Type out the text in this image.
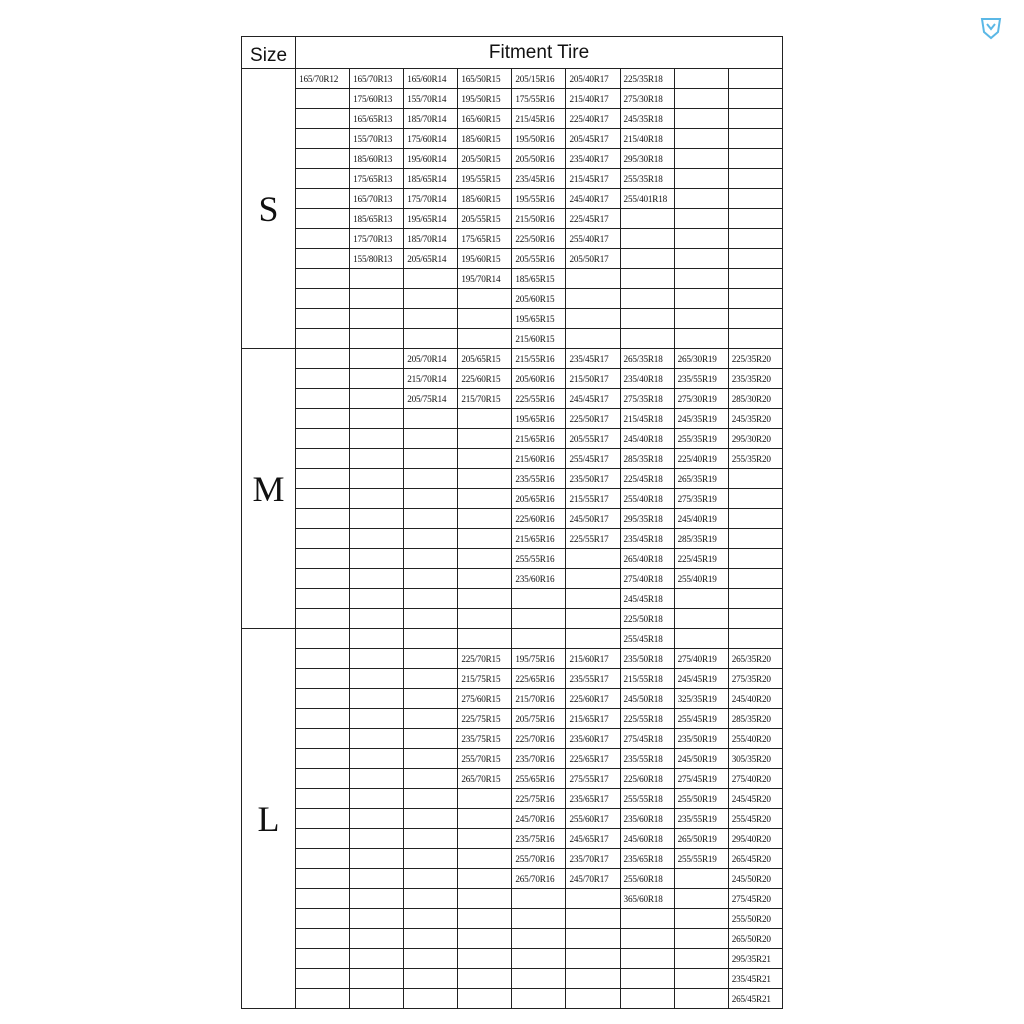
Size	Fitment Tire								
S	165/70R12	165/70R13	165/60R14	165/50R15	205/15R16	205/40R17	225/35R18		
		175/60R13	155/70R14	195/50R15	175/55R16	215/40R17	275/30R18		
		165/65R13	185/70R14	165/60R15	215/45R16	225/40R17	245/35R18		
		155/70R13	175/60R14	185/60R15	195/50R16	205/45R17	215/40R18		
		185/60R13	195/60R14	205/50R15	205/50R16	235/40R17	295/30R18		
		175/65R13	185/65R14	195/55R15	235/45R16	215/45R17	255/35R18		
		165/70R13	175/70R14	185/60R15	195/55R16	245/40R17	255/401R18		
		185/65R13	195/65R14	205/55R15	215/50R16	225/45R17			
		175/70R13	185/70R14	175/65R15	225/50R16	255/40R17			
		155/80R13	205/65R14	195/60R15	205/55R16	205/50R17			
				195/70R14	185/65R15				
					205/60R15				
					195/65R15				
					215/60R15				
M			205/70R14	205/65R15	215/55R16	235/45R17	265/35R18	265/30R19	225/35R20
			215/70R14	225/60R15	205/60R16	215/50R17	235/40R18	235/55R19	235/35R20
			205/75R14	215/70R15	225/55R16	245/45R17	275/35R18	275/30R19	285/30R20
					195/65R16	225/50R17	215/45R18	245/35R19	245/35R20
					215/65R16	205/55R17	245/40R18	255/35R19	295/30R20
					215/60R16	255/45R17	285/35R18	225/40R19	255/35R20
					235/55R16	235/50R17	225/45R18	265/35R19	
					205/65R16	215/55R17	255/40R18	275/35R19	
					225/60R16	245/50R17	295/35R18	245/40R19	
					215/65R16	225/55R17	235/45R18	285/35R19	
					255/55R16		265/40R18	225/45R19	
					235/60R16		275/40R18	255/40R19	
							245/45R18		
							225/50R18		
L							255/45R18		
				225/70R15	195/75R16	215/60R17	235/50R18	275/40R19	265/35R20
				215/75R15	225/65R16	235/55R17	215/55R18	245/45R19	275/35R20
				275/60R15	215/70R16	225/60R17	245/50R18	325/35R19	245/40R20
				225/75R15	205/75R16	215/65R17	225/55R18	255/45R19	285/35R20
				235/75R15	225/70R16	235/60R17	275/45R18	235/50R19	255/40R20
				255/70R15	235/70R16	225/65R17	235/55R18	245/50R19	305/35R20
				265/70R15	255/65R16	275/55R17	225/60R18	275/45R19	275/40R20
					225/75R16	235/65R17	255/55R18	255/50R19	245/45R20
					245/70R16	255/60R17	235/60R18	235/55R19	255/45R20
					235/75R16	245/65R17	245/60R18	265/50R19	295/40R20
					255/70R16	235/70R17	235/65R18	255/55R19	265/45R20
					265/70R16	245/70R17	255/60R18		245/50R20
							365/60R18		275/45R20
									255/50R20
									265/50R20
									295/35R21
									235/45R21
									265/45R21
